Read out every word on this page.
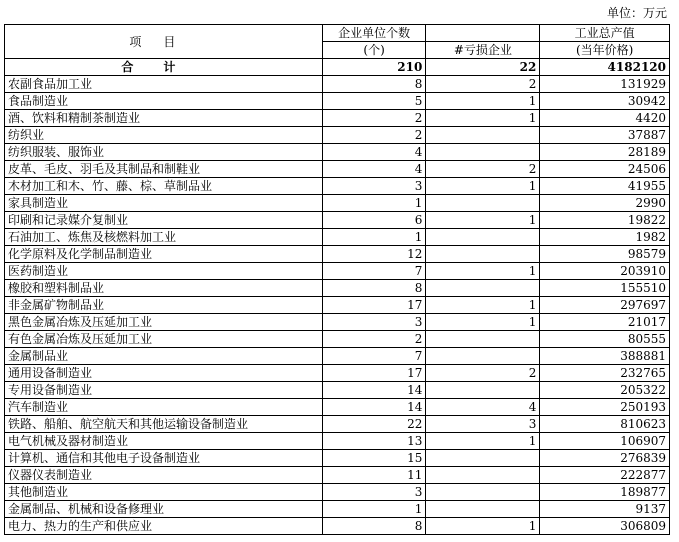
单位：万元
项目	企业单位个数		工业总产值

	(个)	#亏损企业	(当年价格)
合计	210	22	4182120
农副食品加工业	8	2	131929
食品制造业	5	1	30942
酒、饮料和精制茶制造业	2	1	4420
纺织业	2		37887
纺织服装、服饰业	4		28189
皮革、毛皮、羽毛及其制品和制鞋业	4	2	24506
木材加工和木、竹、藤、棕、草制品业	3	1	41955
家具制造业	1		2990
印刷和记录媒介复制业	6	1	19822
石油加工、炼焦及核燃料加工业	1		1982
化学原料及化学制品制造业	12		98579
医药制造业	7	1	203910
橡胶和塑料制品业	8		155510
非金属矿物制品业	17	1	297697
黑色金属冶炼及压延加工业	3	1	21017
有色金属冶炼及压延加工业	2		80555
金属制品业	7		388881
通用设备制造业	17	2	232765
专用设备制造业	14		205322
汽车制造业	14	4	250193
铁路、船舶、航空航天和其他运输设备制造业	22	3	810623
电气机械及器材制造业	13	1	106907
计算机、通信和其他电子设备制造业	15		276839
仪器仪表制造业	11		222877
其他制造业	3		189877
金属制品、机械和设备修理业	1		9137
电力、热力的生产和供应业	8	1	306809
